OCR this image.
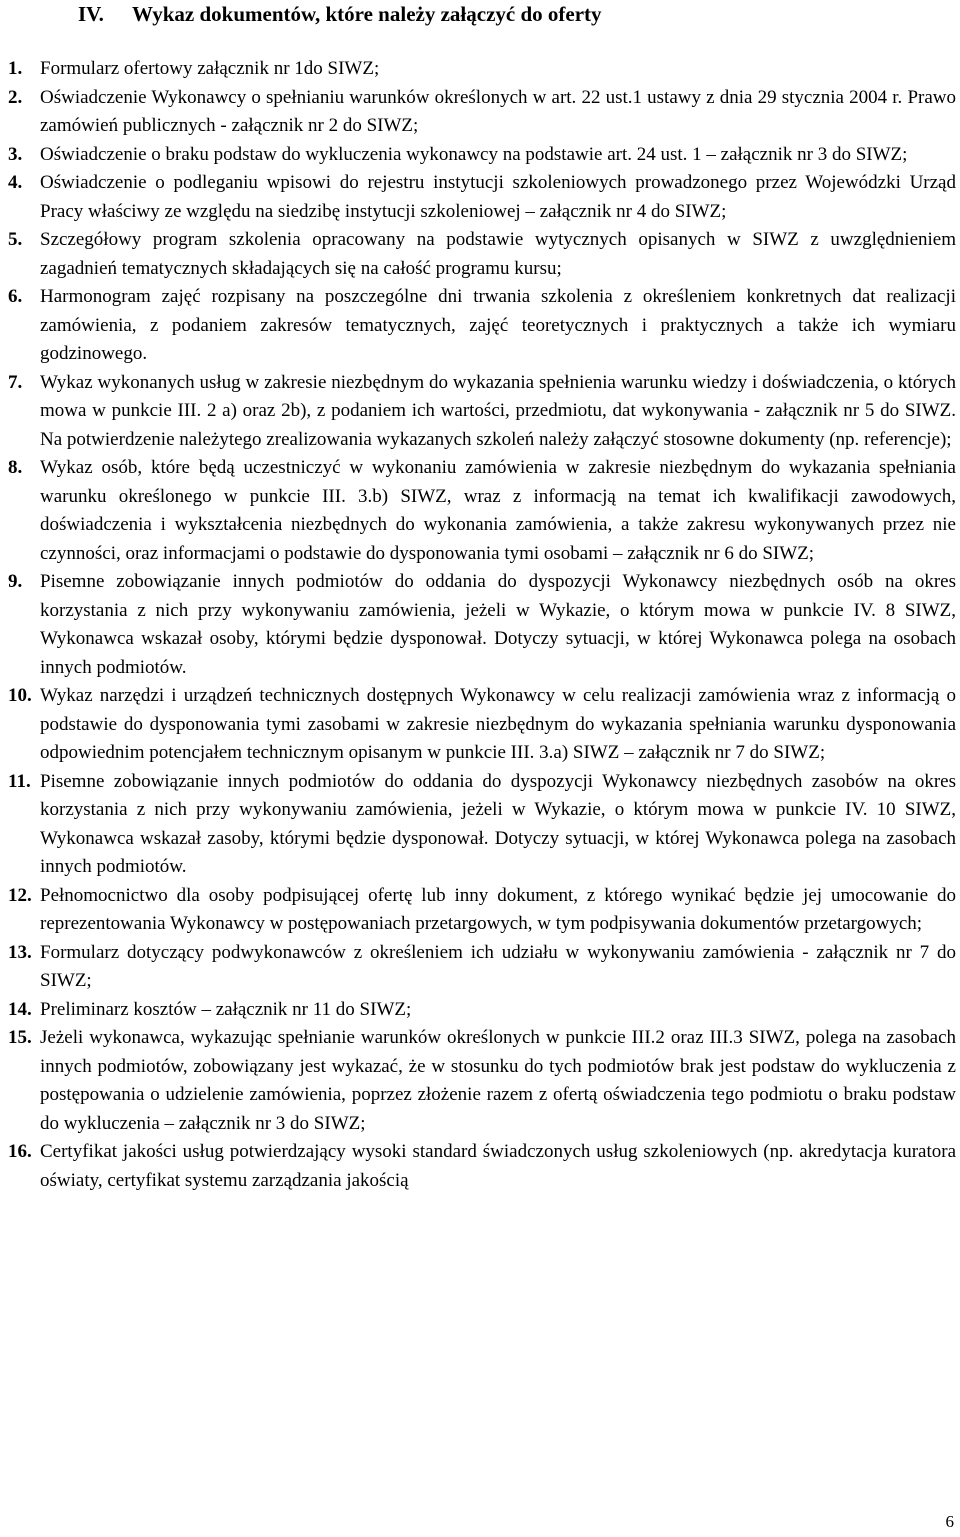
IV. Wykaz dokumentów, które należy załączyć do oferty
1. Formularz ofertowy załącznik nr 1do SIWZ;
2. Oświadczenie Wykonawcy o spełnianiu warunków określonych w art. 22 ust.1 ustawy z dnia 29 stycznia 2004 r. Prawo zamówień publicznych - załącznik nr 2 do SIWZ;
3. Oświadczenie o braku podstaw do wykluczenia wykonawcy na podstawie art. 24 ust. 1 – załącznik nr 3 do SIWZ;
4. Oświadczenie o podleganiu wpisowi do rejestru instytucji szkoleniowych prowadzonego przez Wojewódzki Urząd Pracy właściwy ze względu na siedzibę instytucji szkoleniowej – załącznik nr 4 do SIWZ;
5. Szczegółowy program szkolenia opracowany na podstawie wytycznych opisanych w SIWZ z uwzględnieniem zagadnień tematycznych składających się na całość programu kursu;
6. Harmonogram zajęć rozpisany na poszczególne dni trwania szkolenia z określeniem konkretnych dat realizacji zamówienia, z podaniem zakresów tematycznych, zajęć teoretycznych i praktycznych a także ich wymiaru godzinowego.
7. Wykaz wykonanych usług w zakresie niezbędnym do wykazania spełnienia warunku wiedzy i doświadczenia, o których mowa w punkcie III. 2 a) oraz 2b), z podaniem ich wartości, przedmiotu, dat wykonywania - załącznik nr 5 do SIWZ. Na potwierdzenie należytego zrealizowania wykazanych szkoleń należy załączyć stosowne dokumenty (np. referencje);
8. Wykaz osób, które będą uczestniczyć w wykonaniu zamówienia w zakresie niezbędnym do wykazania spełniania warunku określonego w punkcie III. 3.b) SIWZ, wraz z informacją na temat ich kwalifikacji zawodowych, doświadczenia i wykształcenia niezbędnych do wykonania zamówienia, a także zakresu wykonywanych przez nie czynności, oraz informacjami o podstawie do dysponowania tymi osobami – załącznik nr 6 do SIWZ;
9. Pisemne zobowiązanie innych podmiotów do oddania do dyspozycji Wykonawcy niezbędnych osób na okres korzystania z nich przy wykonywaniu zamówienia, jeżeli w Wykazie, o którym mowa w punkcie IV. 8 SIWZ, Wykonawca wskazał osoby, którymi będzie dysponował. Dotyczy sytuacji, w której Wykonawca polega na osobach innych podmiotów.
10. Wykaz narzędzi i urządzeń technicznych dostępnych Wykonawcy w celu realizacji zamówienia wraz z informacją o podstawie do dysponowania tymi zasobami w zakresie niezbędnym do wykazania spełniania warunku dysponowania odpowiednim potencjałem technicznym opisanym w punkcie III. 3.a) SIWZ – załącznik nr 7 do SIWZ;
11. Pisemne zobowiązanie innych podmiotów do oddania do dyspozycji Wykonawcy niezbędnych zasobów na okres korzystania z nich przy wykonywaniu zamówienia, jeżeli w Wykazie, o którym mowa w punkcie IV. 10 SIWZ, Wykonawca wskazał zasoby, którymi będzie dysponował. Dotyczy sytuacji, w której Wykonawca polega na zasobach innych podmiotów.
12. Pełnomocnictwo dla osoby podpisującej ofertę lub inny dokument, z którego wynikać będzie jej umocowanie do reprezentowania Wykonawcy w postępowaniach przetargowych, w tym podpisywania dokumentów przetargowych;
13. Formularz dotyczący podwykonawców z określeniem ich udziału w wykonywaniu zamówienia - załącznik nr 7 do SIWZ;
14. Preliminarz kosztów – załącznik nr 11 do SIWZ;
15. Jeżeli wykonawca, wykazując spełnianie warunków określonych w punkcie III.2 oraz III.3 SIWZ, polega na zasobach innych podmiotów, zobowiązany jest wykazać, że w stosunku do tych podmiotów brak jest podstaw do wykluczenia z postępowania o udzielenie zamówienia, poprzez złożenie razem z ofertą oświadczenia tego podmiotu o braku podstaw do wykluczenia – załącznik nr 3 do SIWZ;
16. Certyfikat jakości usług potwierdzający wysoki standard świadczonych usług szkoleniowych (np. akredytacja kuratora oświaty, certyfikat systemu zarządzania jakością
6
